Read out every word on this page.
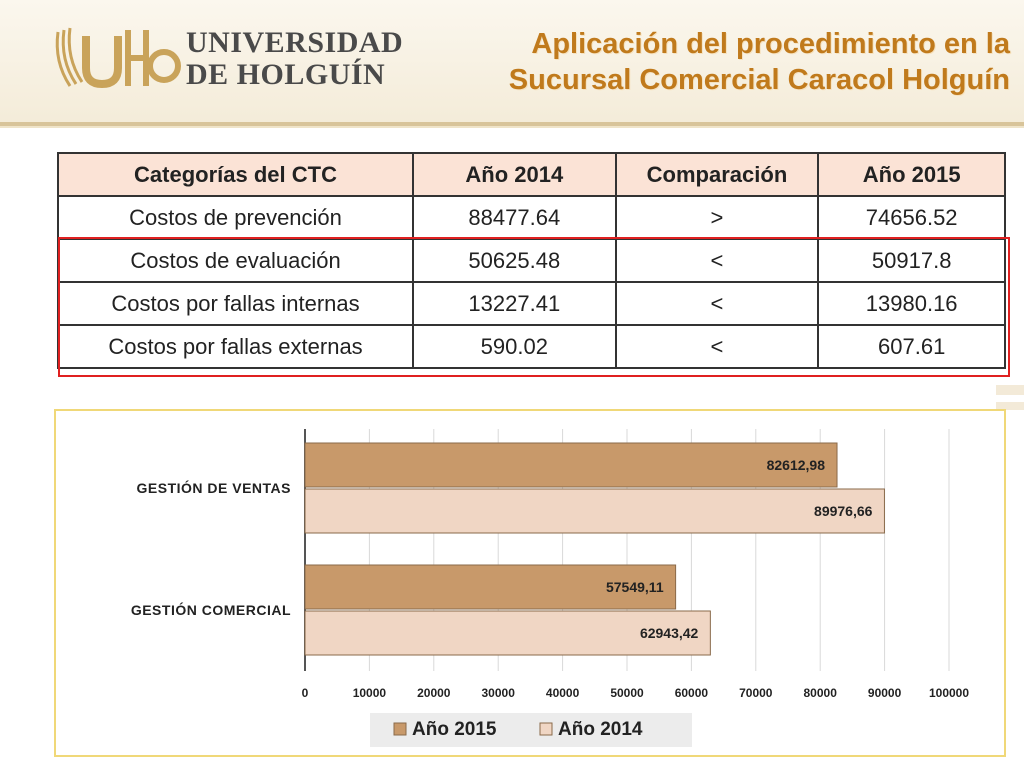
UNIVERSIDAD
DE HOLGUÍN
Aplicación del procedimiento en la
Sucursal Comercial Caracol Holguín
Categorías del CTC	Año 2014	Comparación	Año 2015
Costos de prevención	88477.64	>	74656.52
Costos de evaluación	50625.48	<	50917.8
Costos por fallas internas	13227.41	<	13980.16
Costos por fallas externas	590.02	<	607.61
0	10000	20000	30000	40000	50000	60000	70000	80000	90000 100000
82612,98
89976,66
GESTIÓN DE VENTAS
57549,11
62943,42
GESTIÓN COMERCIAL
Año 2015	Año 2014
